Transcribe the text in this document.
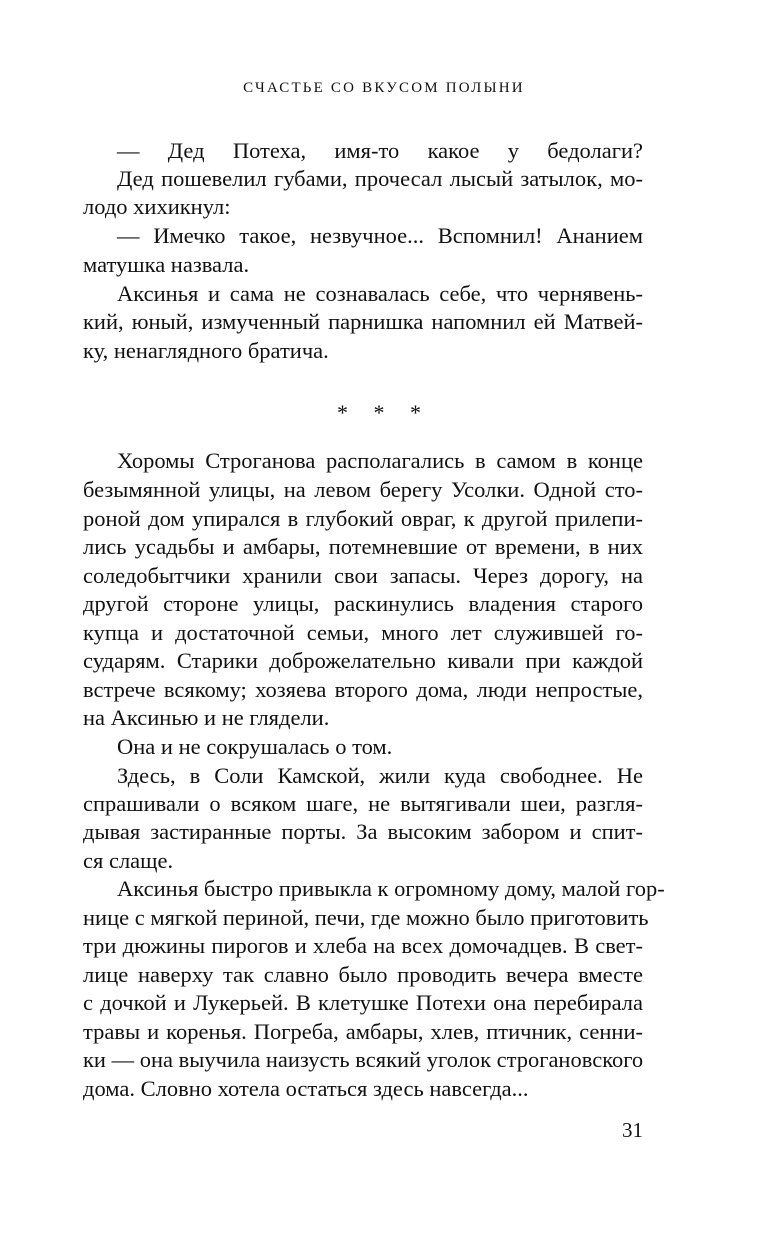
СЧАСТЬЕ СО ВКУСОМ ПОЛЫНИ
— Дед Потеха, имя-то какое у бедолаги?
Дед пошевелил губами, прочесал лысый затылок, мо-
лодо хихикнул:
— Имечко такое, незвучное... Вспомнил! Ананием
матушка назвала.
Аксинья и сама не сознавалась себе, что чернявень-
кий, юный, измученный парнишка напомнил ей Матвей-
ку, ненаглядного братича.
* * *
Хоромы Строганова располагались в самом в конце
безымянной улицы, на левом берегу Усолки. Одной сто-
роной дом упирался в глубокий овраг, к другой прилепи-
лись усадьбы и амбары, потемневшие от времени, в них
соледобытчики хранили свои запасы. Через дорогу, на
другой стороне улицы, раскинулись владения старого
купца и достаточной семьи, много лет служившей го-
сударям. Старики доброжелательно кивали при каждой
встрече всякому; хозяева второго дома, люди непростые,
на Аксинью и не глядели.
Она и не сокрушалась о том.
Здесь, в Соли Камской, жили куда свободнее. Не
спрашивали о всяком шаге, не вытягивали шеи, разгля-
дывая застиранные порты. За высоким забором и спит-
ся слаще.
Аксинья быстро привыкла к огромному дому, малой гор-
нице с мягкой периной, печи, где можно было приготовить
три дюжины пирогов и хлеба на всех домочадцев. В свет-
лице наверху так славно было проводить вечера вместе
с дочкой и Лукерьей. В клетушке Потехи она перебирала
травы и коренья. Погреба, амбары, хлев, птичник, сенни-
ки — она выучила наизусть всякий уголок строгановского
дома. Словно хотела остаться здесь навсегда...
31
